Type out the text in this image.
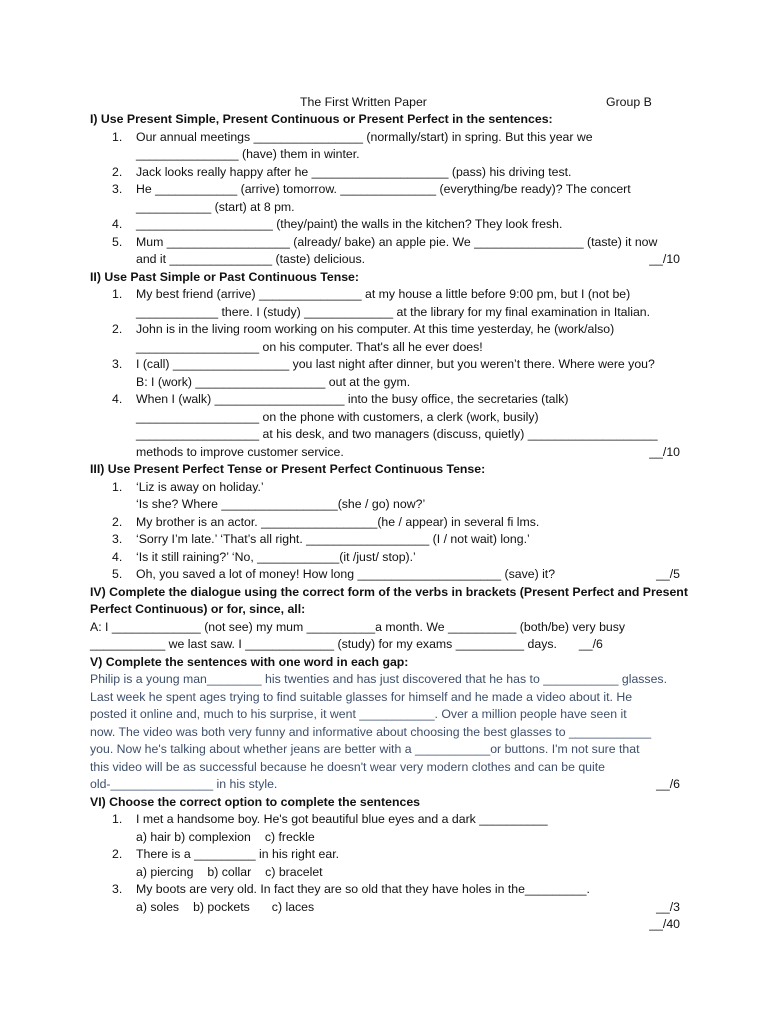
The First Written Paper	Group B
I) Use Present Simple, Present Continuous or Present Perfect in the sentences:
1. Our annual meetings ________________ (normally/start) in spring. But this year we
_______________ (have) them in winter.
2. Jack looks really happy after he ____________________ (pass) his driving test.
3. He ____________ (arrive) tomorrow. ______________ (everything/be ready)? The concert
___________ (start) at 8 pm.
4. ____________________ (they/paint) the walls in the kitchen? They look fresh.
5. Mum __________________ (already/ bake) an apple pie. We ________________ (taste) it now
and it _______________ (taste) delicious.	__/10
II) Use Past Simple or Past Continuous Tense:
1. My best friend (arrive) _______________ at my house a little before 9:00 pm, but I (not be)
____________ there. I (study) _____________ at the library for my final examination in Italian.
2. John is in the living room working on his computer. At this time yesterday, he (work/also)
__________________ on his computer. That's all he ever does!
3. I (call) _________________ you last night after dinner, but you weren’t there. Where were you?
B: I (work) ___________________ out at the gym.
4. When I (walk) ___________________ into the busy office, the secretaries (talk)
__________________ on the phone with customers, a clerk (work, busily)
__________________ at his desk, and two managers (discuss, quietly) ___________________
methods to improve customer service.	__/10
III) Use Present Perfect Tense or Present Perfect Continuous Tense:
1. ‘Liz is away on holiday.’
‘Is she? Where _________________(she / go) now?’
2. My brother is an actor. _________________(he / appear) in several fi lms.
3. ‘Sorry I’m late.’ ‘That’s all right. __________________ (I / not wait) long.’
4. ‘Is it still raining?’ ‘No, ____________(it /just/ stop).’
5. Oh, you saved a lot of money! How long _____________________ (save) it?	__/5
IV) Complete the dialogue using the correct form of the verbs in brackets (Present Perfect and Present
Perfect Continuous) or for, since, all:
A: I _____________ (not see) my mum __________a month. We __________ (both/be) very busy
___________ we last saw. I _____________ (study) for my exams __________ days. __/6
V) Complete the sentences with one word in each gap:
Philip is a young man________ his twenties and has just discovered that he has to ___________ glasses.
Last week he spent ages trying to find suitable glasses for himself and he made a video about it. He
posted it online and, much to his surprise, it went ___________. Over a million people have seen it
now. The video was both very funny and informative about choosing the best glasses to ____________
you. Now he's talking about whether jeans are better with a ___________or buttons. I'm not sure that
this video will be as successful because he doesn't wear very modern clothes and can be quite
old-_______________ in his style.	__/6
VI) Choose the correct option to complete the sentences
1. I met a handsome boy. He's got beautiful blue eyes and a dark __________
a) hair b) complexion c) freckle
2. There is a _________ in his right ear.
a) piercing b) collar c) bracelet
3. My boots are very old. In fact they are so old that they have holes in the_________.
a) soles b) pockets c) laces	__/3
__/40
